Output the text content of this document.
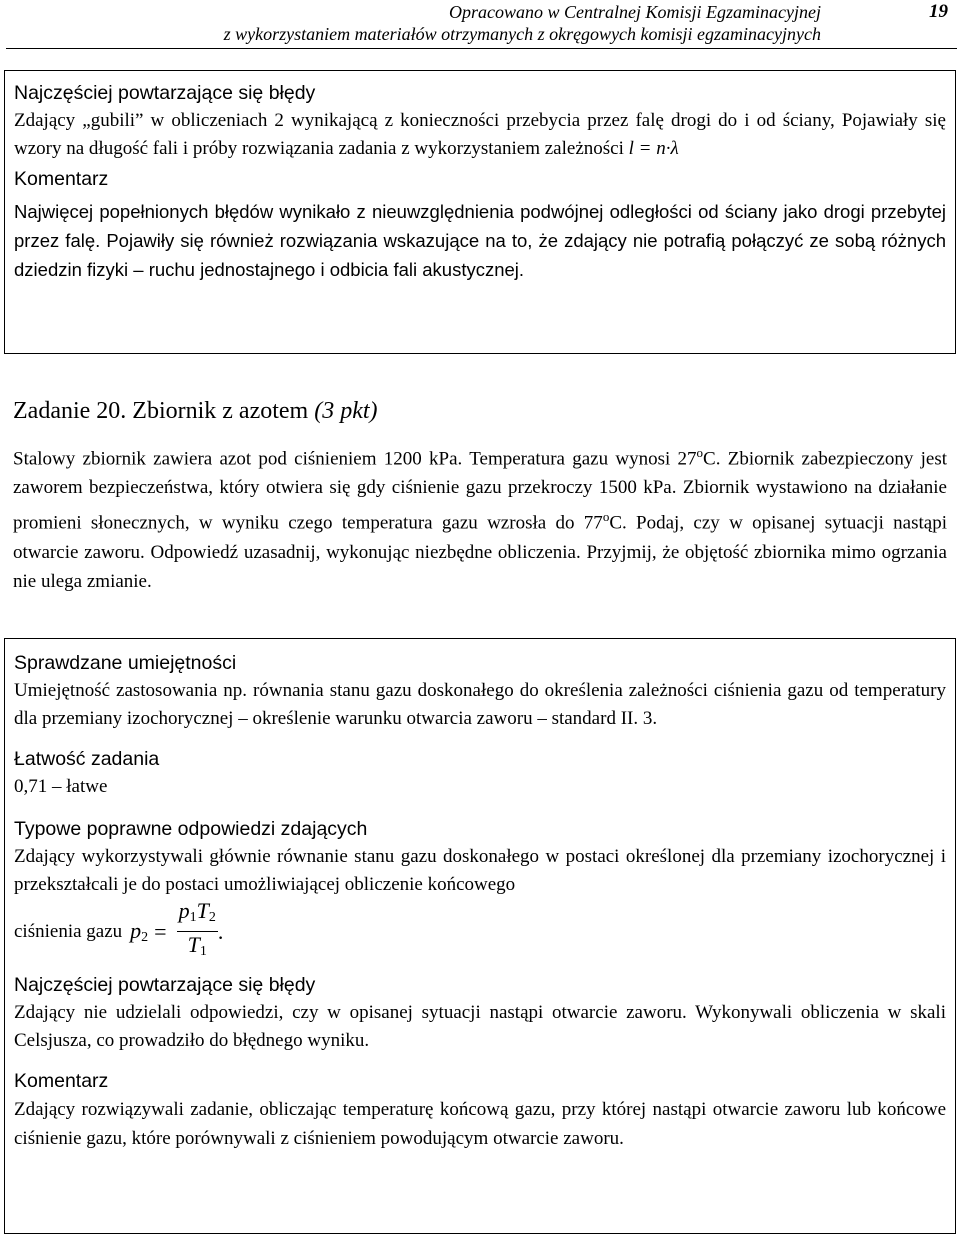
Opracowano w Centralnej Komisji Egzaminacyjnej
z wykorzystaniem materiałów otrzymanych z okręgowych komisji egzaminacyjnych
19

Najczęściej powtarzające się błędy

Zdający „gubili” w obliczeniach 2 wynikającą z konieczności przebycia przez falę drogi do i od ściany, Pojawiały się wzory na długość fali i próby rozwiązania zadania z wykorzystaniem zależności l = n·λ

Komentarz

Najwięcej popełnionych błędów wynikało z nieuwzględnienia podwójnej odległości od ściany jako drogi przebytej przez falę. Pojawiły się również rozwiązania wskazujące na to, że zdający nie potrafią połączyć ze sobą różnych dziedzin fizyki – ruchu jednostajnego i odbicia fali akustycznej.

Zadanie 20. Zbiornik z azotem (3 pkt)

Stalowy zbiornik zawiera azot pod ciśnieniem 1200 kPa. Temperatura gazu wynosi 27$^o$C. Zbiornik zabezpieczony jest zaworem bezpieczeństwa, który otwiera się gdy ciśnienie gazu przekroczy 1500 kPa. Zbiornik wystawiono na działanie promieni słonecznych, w wyniku czego temperatura gazu wzrosła do 77$^o$C. Podaj, czy w opisanej sytuacji nastąpi otwarcie zaworu. Odpowiedź uzasadnij, wykonując niezbędne obliczenia. Przyjmij, że objętość zbiornika mimo ogrzania nie ulega zmianie.

Sprawdzane umiejętności

Umiejętność zastosowania np. równania stanu gazu doskonałego do określenia zależności ciśnienia gazu od temperatury dla przemiany izochorycznej – określenie warunku otwarcia zaworu – standard II. 3.

Łatwość zadania

0,71 – łatwe

Typowe poprawne odpowiedzi zdających

Zdający wykorzystywali głównie równanie stanu gazu doskonałego w postaci określonej dla przemiany izochorycznej i przekształcali je do postaci umożliwiającej obliczenie końcowego

ciśnienia gazu $p_2 = \frac{p_1T_2}{T_1}$ .

Najczęściej powtarzające się błędy

Zdający nie udzielali odpowiedzi, czy w opisanej sytuacji nastąpi otwarcie zaworu. Wykonywali obliczenia w skali Celsjusza, co prowadziło do błędnego wyniku.

Komentarz

Zdający rozwiązywali zadanie, obliczając temperaturę końcową gazu, przy której nastąpi otwarcie zaworu lub końcowe ciśnienie gazu, które porównywali z ciśnieniem powodującym otwarcie zaworu.
